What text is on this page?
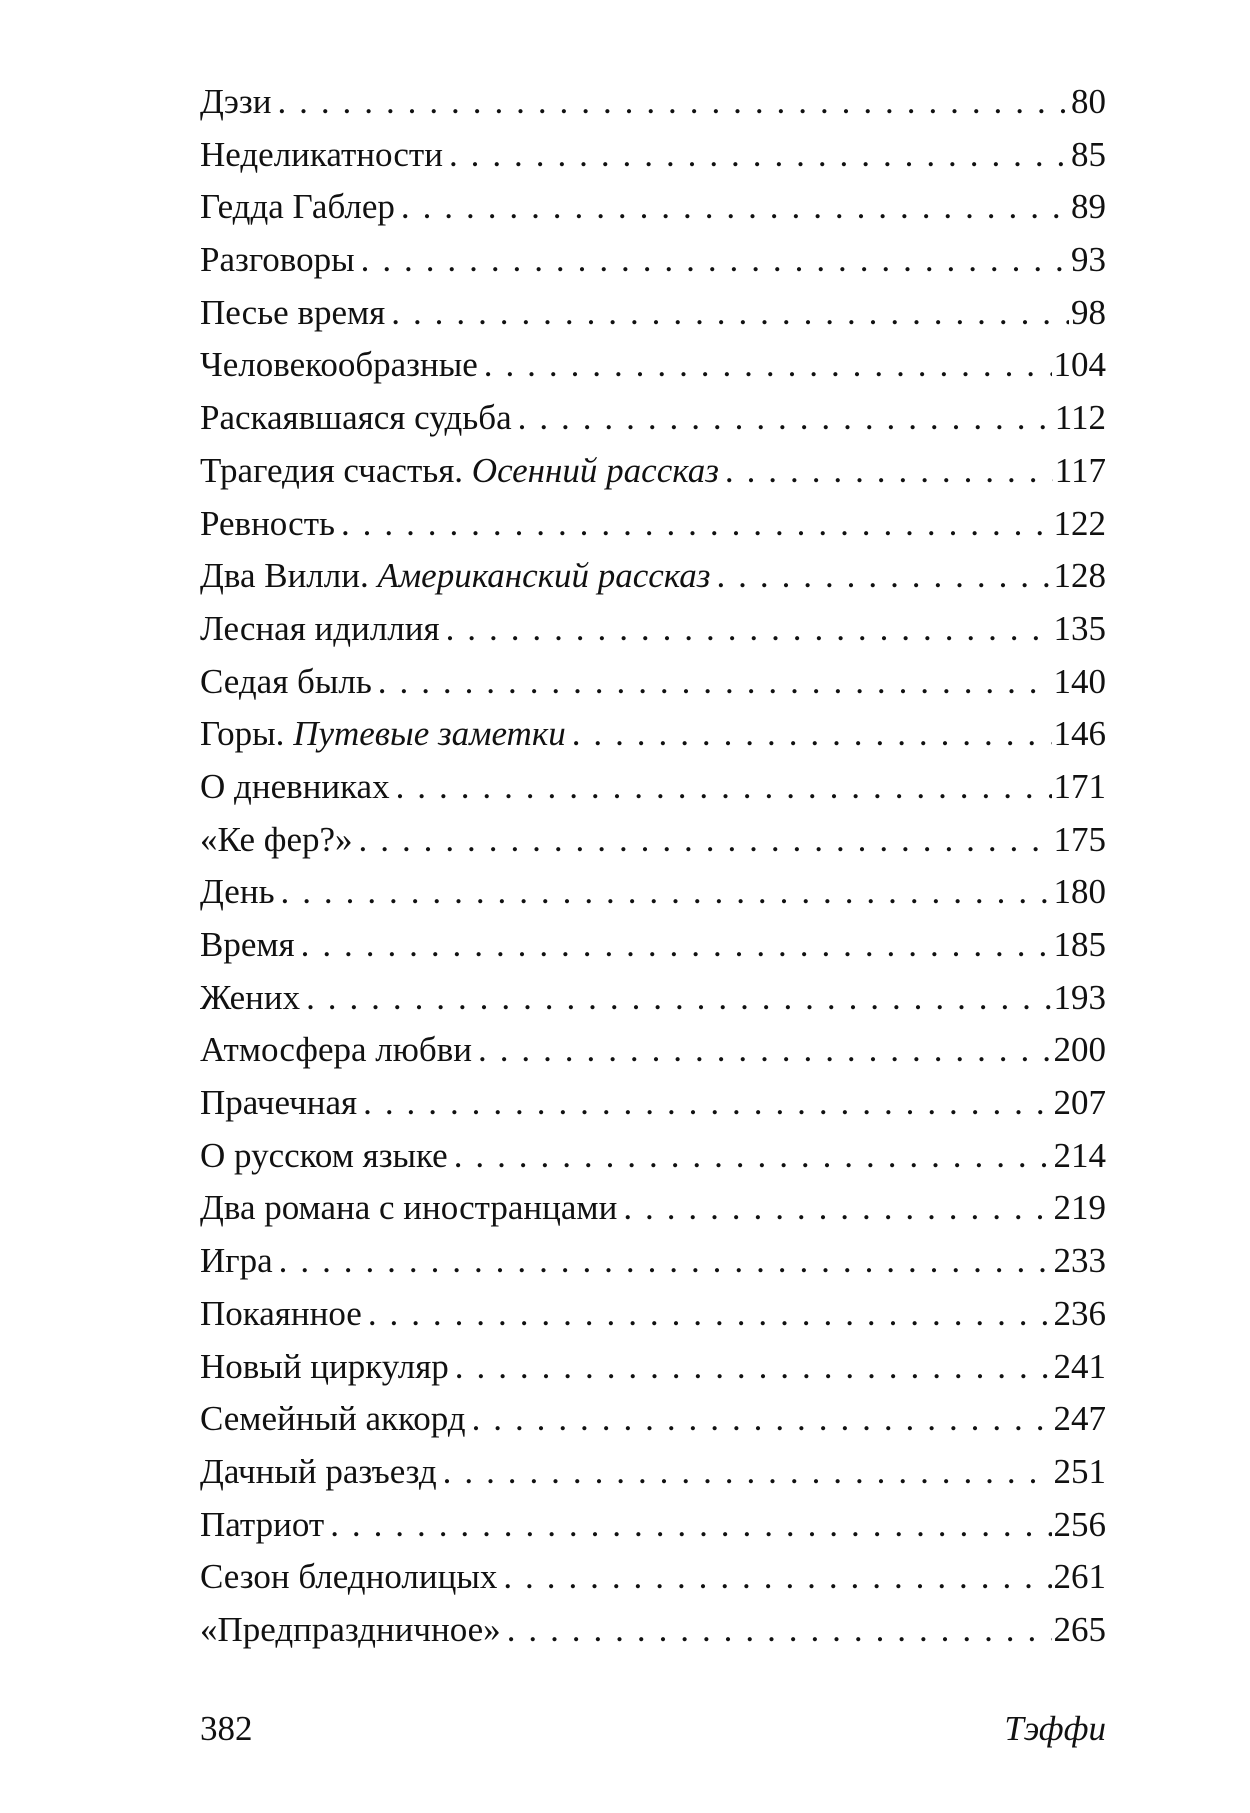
Дэзи . . .	80
Неделикатности . . .	85
Гедда Габлер . . .	89
Разговоры . . .	93
Песье время . . .	98
Человекообразные . . .	104
Раскаявшаяся судьба . . .	112
Трагедия счастья. Осенний рассказ . . .	117
Ревность . . .	122
Два Вилли. Американский рассказ . . .	128
Лесная идиллия . . .	135
Седая быль . . .	140
Горы. Путевые заметки . . .	146
О дневниках . . .	171
«Ке фер?» . . .	175
День . . .	180
Время . . .	185
Жених . . .	193
Атмосфера любви . . .	200
Прачечная . . .	207
О русском языке . . .	214
Два романа с иностранцами . . .	219
Игра . . .	233
Покаянное . . .	236
Новый циркуляр . . .	241
Семейный аккорд . . .	247
Дачный разъезд . . .	251
Патриот . . .	256
Сезон бледнолицых . . .	261
«Предпраздничное» . . .	265
382	Тэффи
